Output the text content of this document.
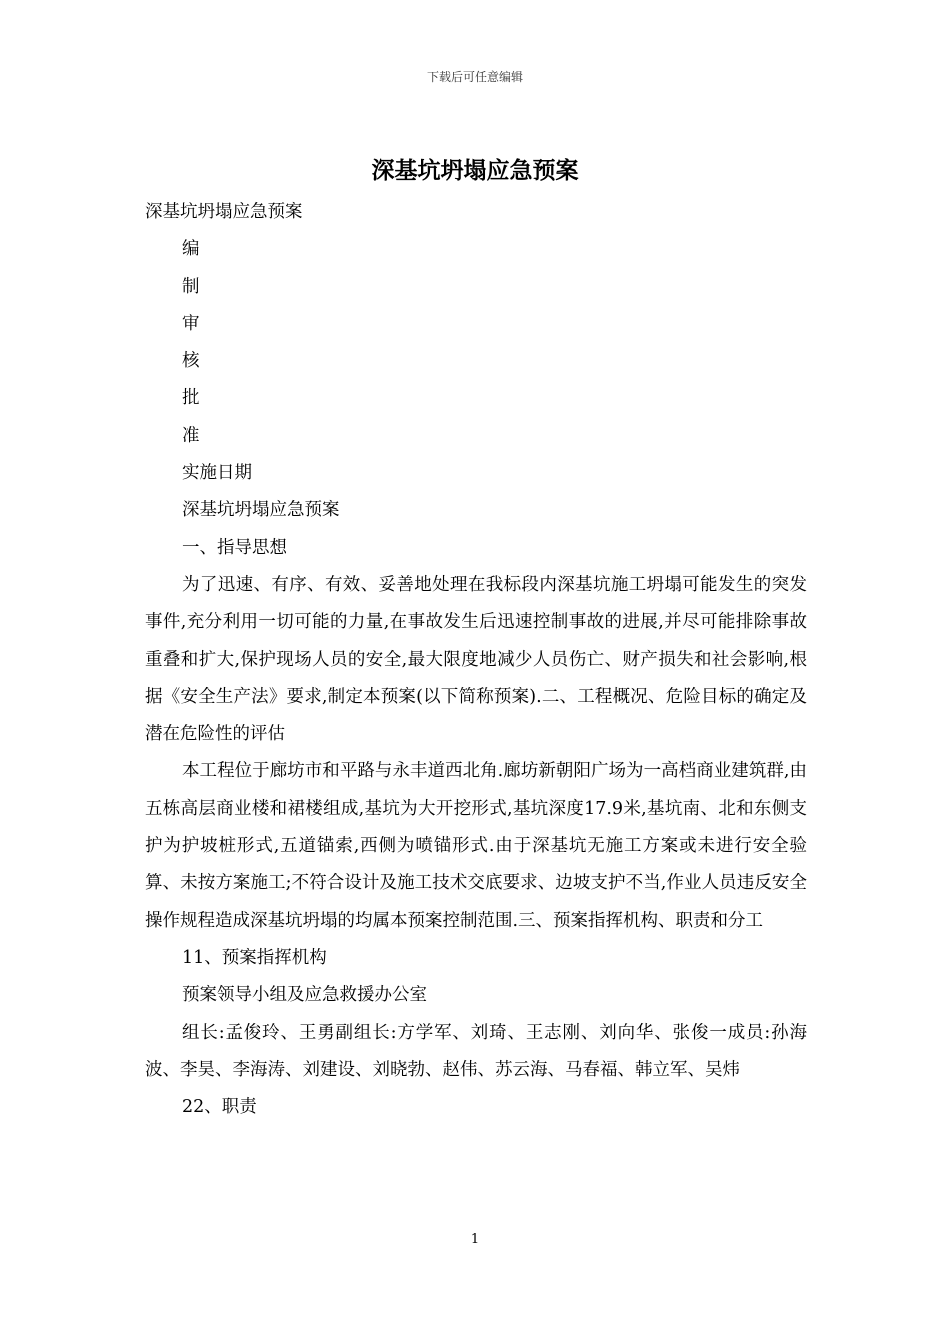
下载后可任意编辑
深基坑坍塌应急预案

深基坑坍塌应急预案

编

制

审

核

批

准

实施日期

深基坑坍塌应急预案

一、指导思想

为了迅速、有序、有效、妥善地处理在我标段内深基坑施工坍塌可能发生的突发事件,充分利用一切可能的力量,在事故发生后迅速控制事故的进展,并尽可能排除事故重叠和扩大,保护现场人员的安全,最大限度地减少人员伤亡、财产损失和社会影响,根据《安全生产法》要求,制定本预案(以下简称预案).二、工程概况、危险目标的确定及潜在危险性的评估

本工程位于廊坊市和平路与永丰道西北角.廊坊新朝阳广场为一高档商业建筑群,由五栋高层商业楼和裙楼组成,基坑为大开挖形式,基坑深度17.9米,基坑南、北和东侧支护为护坡桩形式,五道锚索,西侧为喷锚形式.由于深基坑无施工方案或未进行安全验算、未按方案施工;不符合设计及施工技术交底要求、边坡支护不当,作业人员违反安全操作规程造成深基坑坍塌的均属本预案控制范围.三、预案指挥机构、职责和分工

11、预案指挥机构

预案领导小组及应急救援办公室

组长:孟俊玲、王勇副组长:方学军、刘琦、王志刚、刘向华、张俊一成员:孙海波、李昊、李海涛、刘建设、刘晓勃、赵伟、苏云海、马春福、韩立军、吴炜

22、职责

1
